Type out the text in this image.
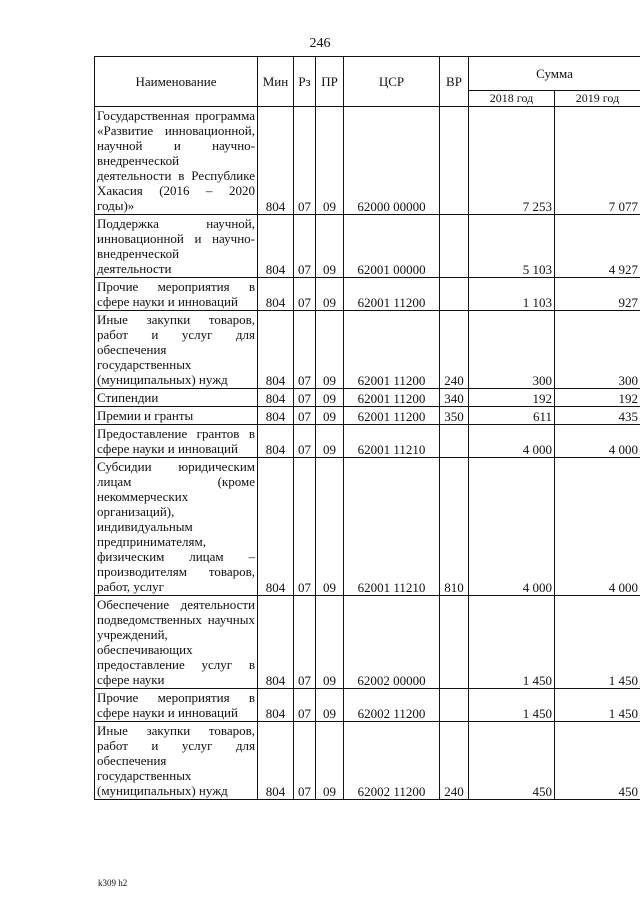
246
Наименование	Мин	Рз	ПР	ЦСР	ВР	Сумма	
						2018 год	2019 год
Государственная программа «Развитие инновационной, научной и научно-внедренческой деятельности в Республике Хакасия (2016 – 2020 годы)»	804	07	09	62000 00000		7 253	7 077
Поддержка научной, инновационной и научно-внедренческой деятельности	804	07	09	62001 00000		5 103	4 927
Прочие мероприятия в сфере науки и инноваций	804	07	09	62001 11200		1 103	927
Иные закупки товаров, работ и услуг для обеспечения государственных (муниципальных) нужд	804	07	09	62001 11200	240	300	300
Стипендии	804	07	09	62001 11200	340	192	192
Премии и гранты	804	07	09	62001 11200	350	611	435
Предоставление грантов в сфере науки и инноваций	804	07	09	62001 11210		4 000	4 000
Субсидии юридическим лицам (кроме некоммерческих организаций), индивидуальным предпринимателям, физическим лицам – производителям товаров, работ, услуг	804	07	09	62001 11210	810	4 000	4 000
Обеспечение деятельности подведомственных научных учреждений, обеспечивающих предоставление услуг в сфере науки	804	07	09	62002 00000		1 450	1 450
Прочие мероприятия в сфере науки и инноваций	804	07	09	62002 11200		1 450	1 450
Иные закупки товаров, работ и услуг для обеспечения государственных (муниципальных) нужд	804	07	09	62002 11200	240	450	450
k309 h2
